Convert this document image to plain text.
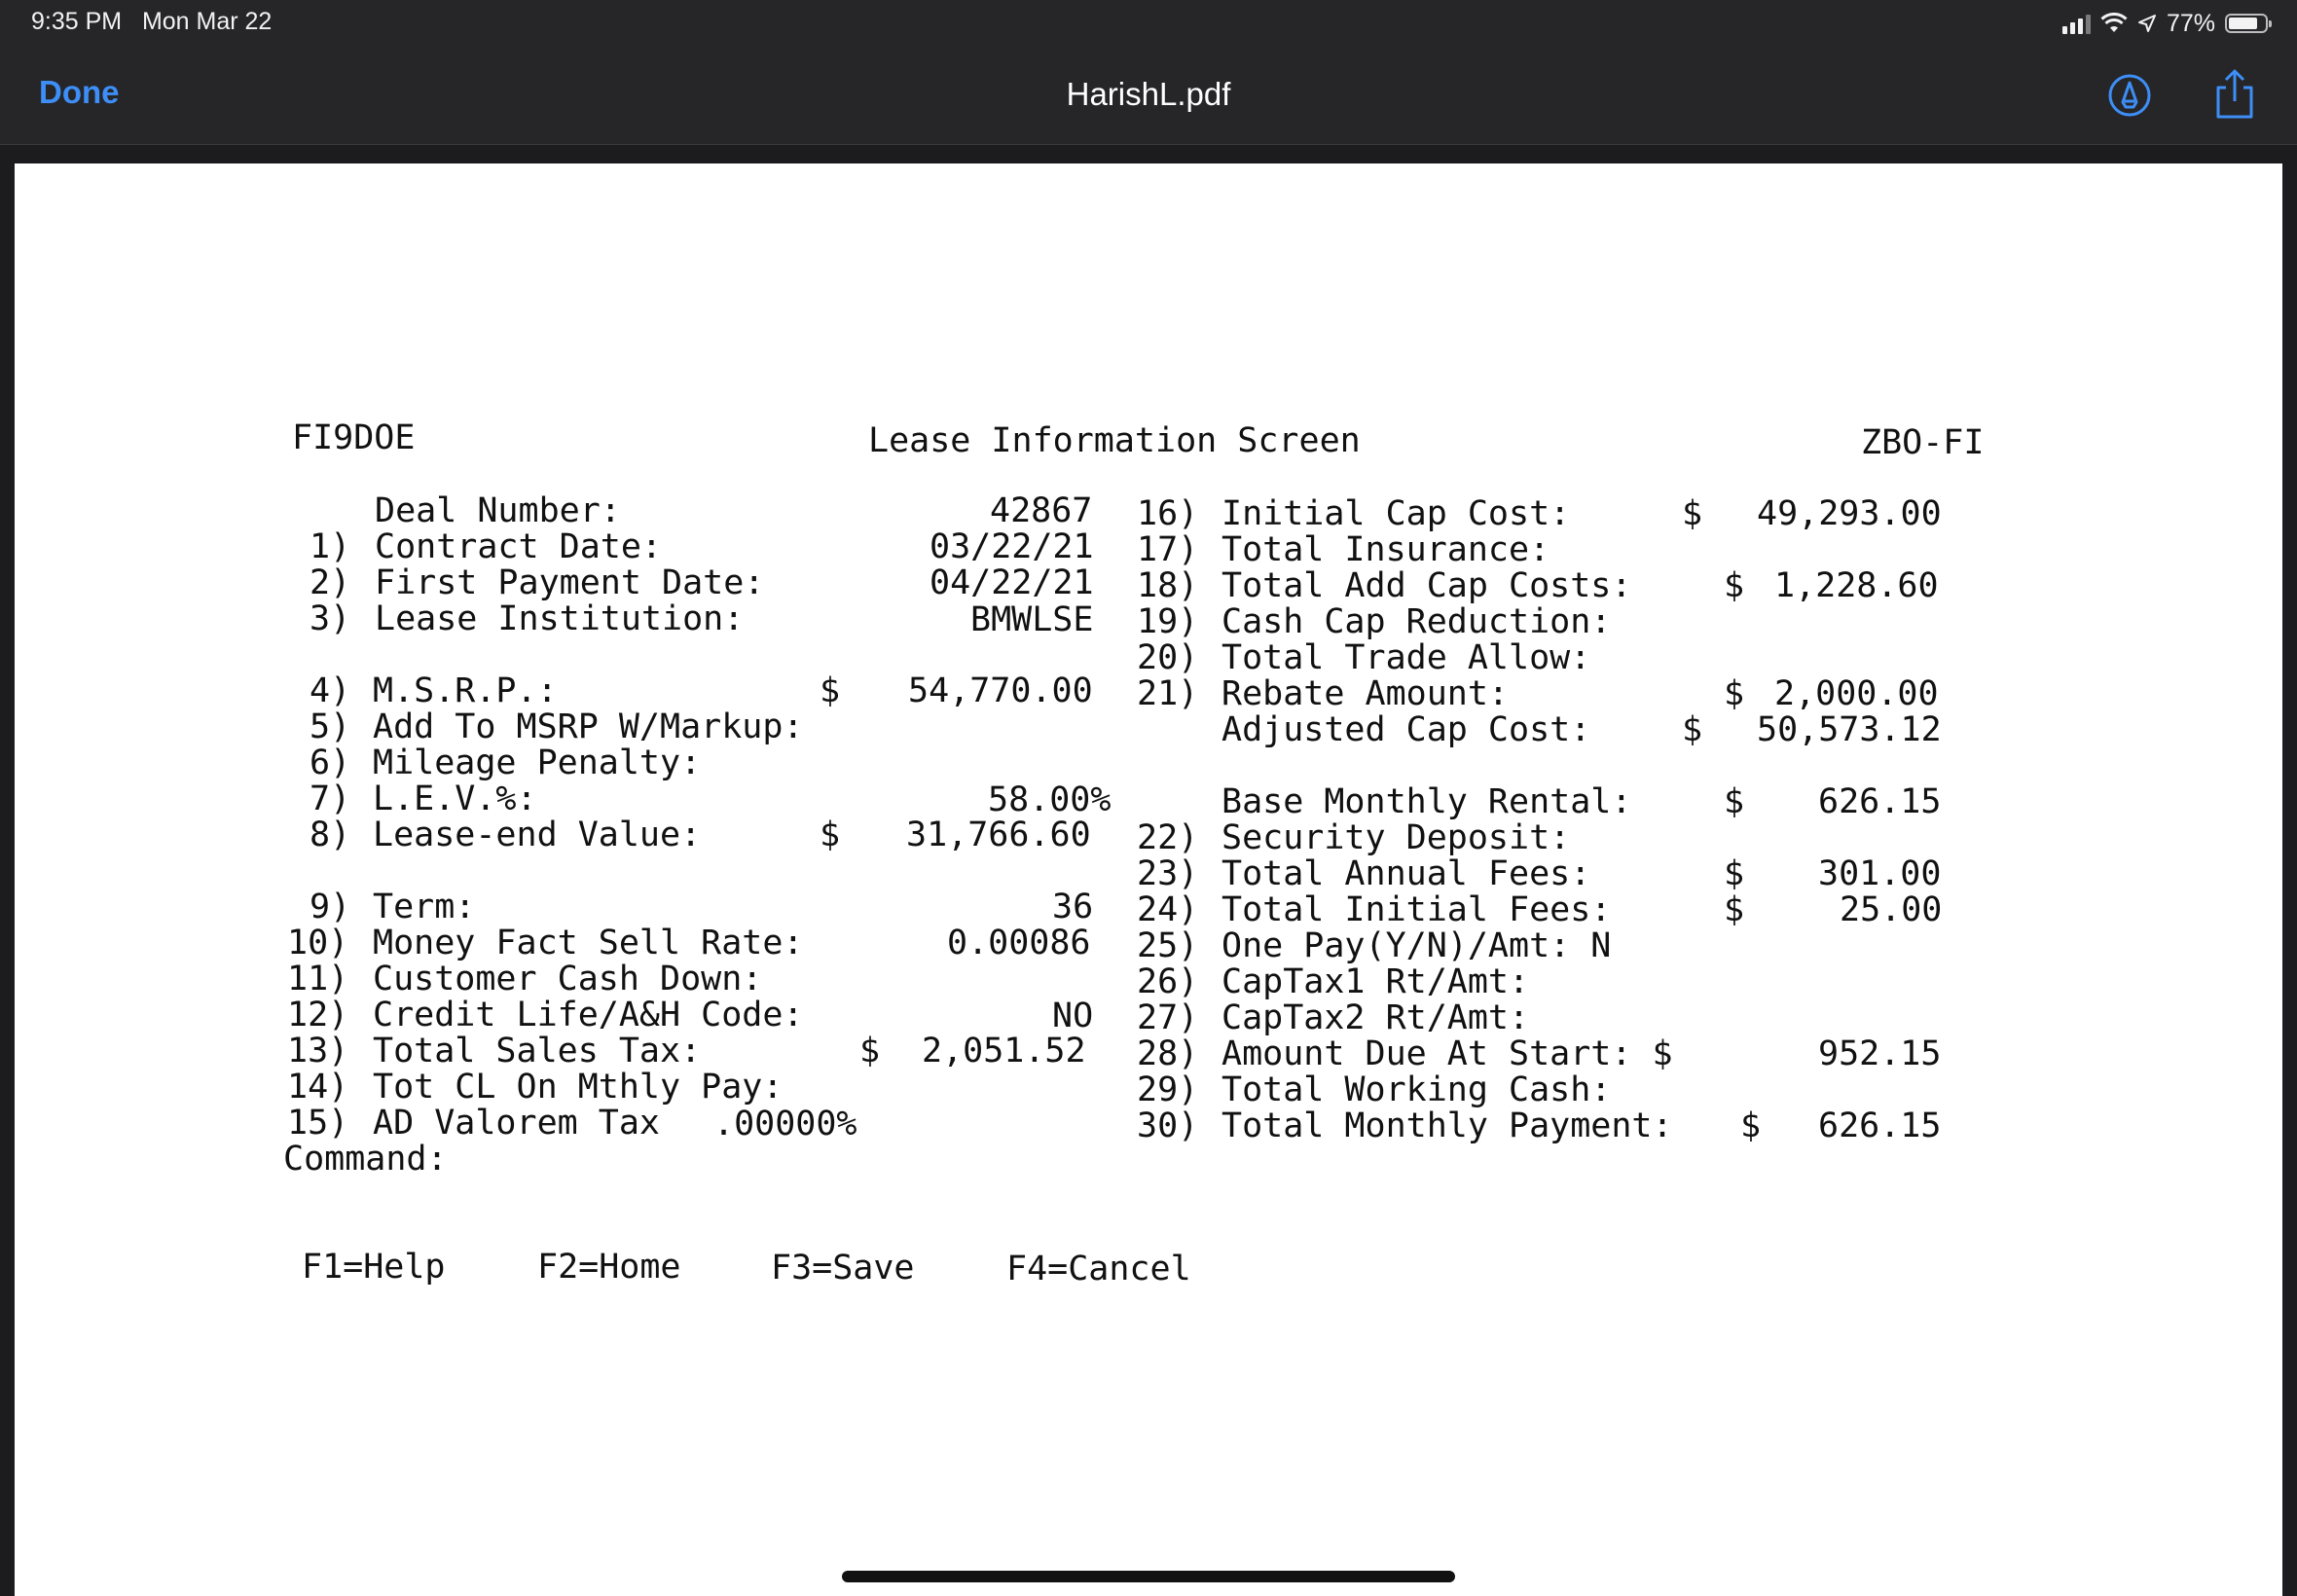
9:35 PM Mon Mar 22	77%
Done	HarishL.pdf
FI9DOE	Lease Information Screen	ZBO-FI
Deal Number:	42867
1) Contract Date:	03/22/21
2) First Payment Date:	04/22/21
3) Lease Institution:	BMWLSE
4) M.S.R.P.:	$ 54,770.00
5) Add To MSRP W/Markup:
6) Mileage Penalty:
7) L.E.V.%:	58.00%
8) Lease-end Value:	$ 31,766.60
9) Term:	36
10) Money Fact Sell Rate:	0.00086
11) Customer Cash Down:
12) Credit Life/A&H Code:	NO
13) Total Sales Tax:	$ 2,051.52
14) Tot CL On Mthly Pay:
15) AD Valorem Tax .00000%
Command:
16) Initial Cap Cost:	$ 49,293.00
17) Total Insurance:
18) Total Add Cap Costs:	$ 1,228.60
19) Cash Cap Reduction:
20) Total Trade Allow:
21) Rebate Amount:	$ 2,000.00
Adjusted Cap Cost:	$ 50,573.12
Base Monthly Rental:	$ 626.15
22) Security Deposit:
23) Total Annual Fees:	$ 301.00
24) Total Initial Fees:	$	25.00
25) One Pay(Y/N)/Amt: N
26) CapTax1 Rt/Amt:
27) CapTax2 Rt/Amt:
28) Amount Due At Start: $	952.15
29) Total Working Cash:
30) Total Monthly Payment: $ 626.15
F1=Help	F2=Home	F3=Save	F4=Cancel
